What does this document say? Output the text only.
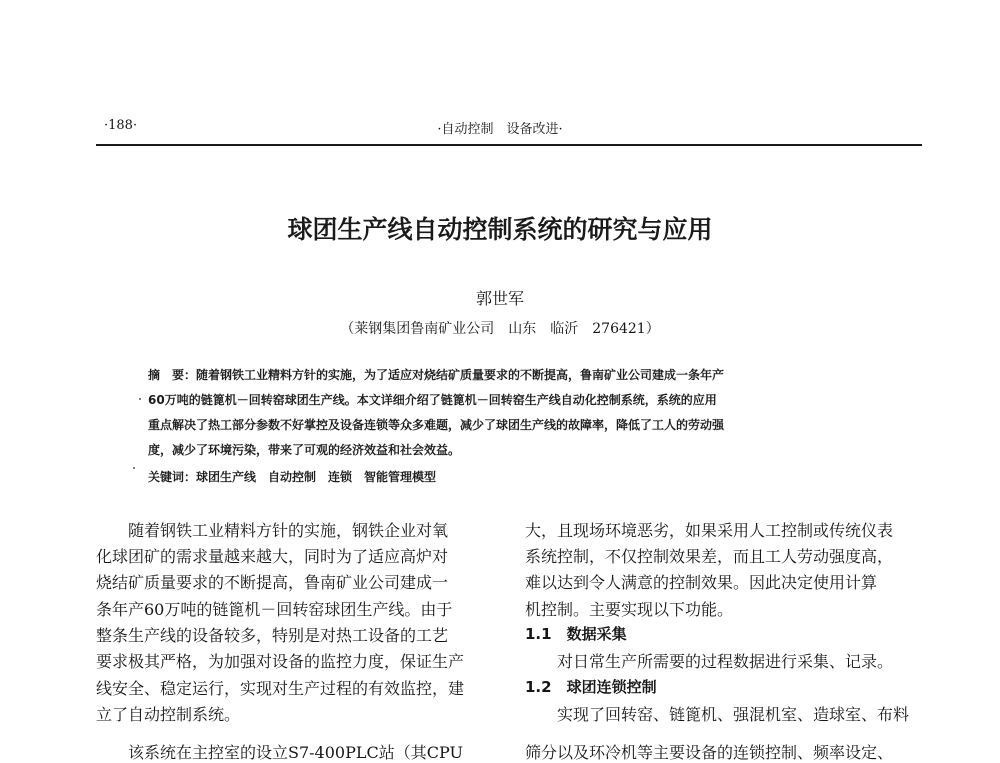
·188·	·自动控制　设备改进·
球团生产线自动控制系统的研究与应用
郭世军
（莱钢集团鲁南矿业公司　山东　临沂　276421）
摘　要：随着钢铁工业精料方针的实施，为了适应对烧结矿质量要求的不断提高，鲁南矿业公司建成一条年产
60万吨的链篦机－回转窑球团生产线。本文详细介绍了链篦机－回转窑生产线自动化控制系统，系统的应用
重点解决了热工部分参数不好掌控及设备连锁等众多难题，减少了球团生产线的故障率，降低了工人的劳动强
度，减少了环境污染，带来了可观的经济效益和社会效益。
关键词：球团生产线　自动控制　连锁　智能管理模型
　　随着钢铁工业精料方针的实施，钢铁企业对氧
化球团矿的需求量越来越大，同时为了适应高炉对
烧结矿质量要求的不断提高，鲁南矿业公司建成一
条年产60万吨的链篦机－回转窑球团生产线。由于
整条生产线的设备较多，特别是对热工设备的工艺
要求极其严格，为加强对设备的监控力度，保证生产
线安全、稳定运行，实现对生产过程的有效监控，建
立了自动控制系统。
　　该系统在主控室的设立S7-400PLC站（其CPU
大，且现场环境恶劣，如果采用人工控制或传统仪表
系统控制，不仅控制效果差，而且工人劳动强度高，
难以达到令人满意的控制效果。因此决定使用计算
机控制。主要实现以下功能。
1.1　数据采集
　　对日常生产所需要的过程数据进行采集、记录。
1.2　球团连锁控制
　　实现了回转窑、链篦机、强混机室、造球室、布料
筛分以及环冷机等主要设备的连锁控制、频率设定、
